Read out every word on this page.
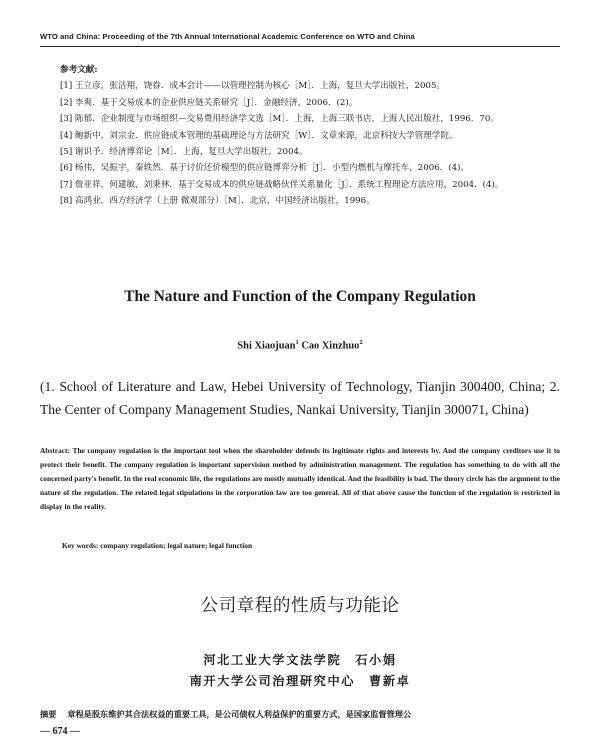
WTO and China: Proceeding of the 7th Annual International Academic Conference on WTO and China

参考文献:

[1] 王立彦，张洁翔，饶眷．成本会计——以管理控制为核心［M］．上海，复旦大学出版社，2005。

[2] 李爽．基于交易成本的企业供应链关系研究［J］．金融经济，2006．(2)。

[3] 陈郁．企业制度与市场组织—交易费用经济学文选［M］．上海，上海三联书店，上海人民出版社，1996．70。

[4] 鲍新中，刘宗金．供应链成本管理的基础理论与方法研究［W］．文章来源，北京科技大学管理学院。

[5] 谢识予．经济博弈论［M］．上海，复旦大学出版社，2004。

[6] 杨伟，吴振宇，秦轶然．基于讨价还价模型的供应链博弈分析［J］．小型内燃机与摩托车，2006．(4)。

[7] 詹亚祥，何建敏，刘秉林．基于交易成本的供应链战略伙伴关系量化［J］．系统工程理论方法应用，2004．(4)。

[8] 高鸿业．西方经济学（上册 微观部分）［M］．北京，中国经济出版社，1996。

The Nature and Function of the Company Regulation
Shi Xiaojuan$^1$ Cao Xinzhuo$^2$
(1. School of Literature and Law, Hebei University of Technology, Tianjin 300400, China; 2. The Center of Company Management Studies, Nankai University, Tianjin 300071, China)
Abstract: The company regulation is the important tool when the shareholder defends its legitimate rights and interests by. And the company creditors use it to protect their benefit. The company regulation is important supervision method by administration management. The regulation has something to do with all the concerned party's benefit. In the real economic life, the regulations are mostly mutually identical. And the feasibility is bad. The theory circle has the argument to the nature of the regulation. The related legal stipulations in the corporation law are too general. All of that above cause the function of the regulation is restricted in display in the reality.
Key words: company regulation; legal nature; legal function
公司章程的性质与功能论
河北工业大学文法学院 石小娟
南开大学公司治理研究中心 曹新卓
摘要 章程是股东维护其合法权益的重要工具，是公司债权人利益保护的重要方式，是国家监督管理公
— 674 —
